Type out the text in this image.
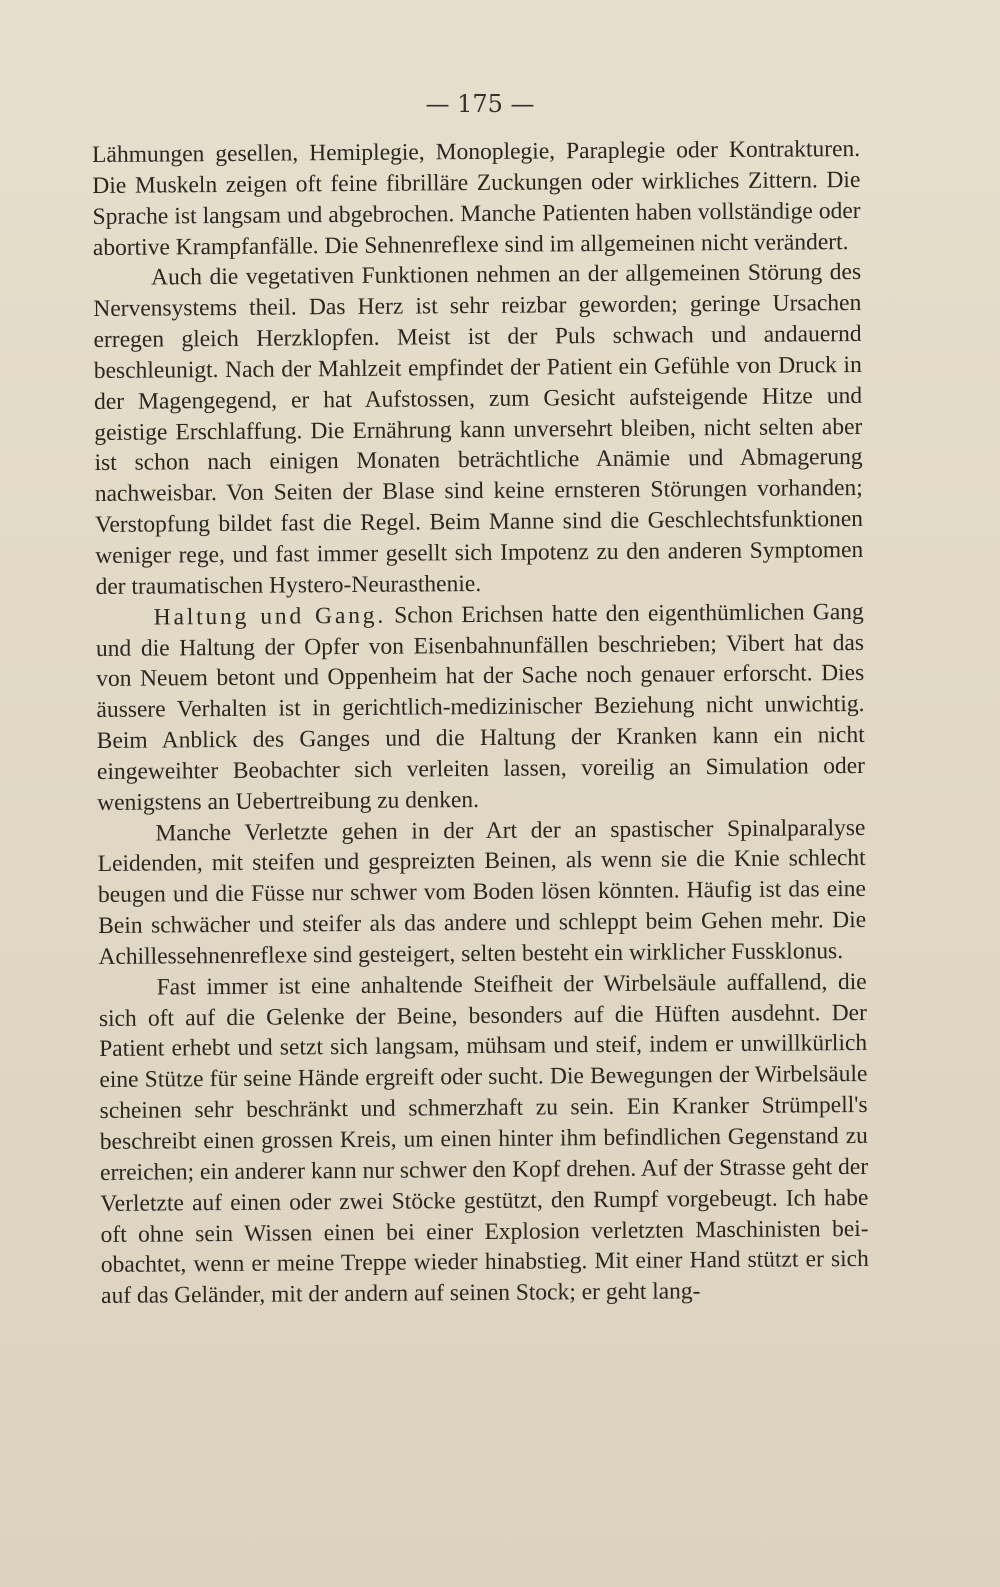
— 175 —

Lähmungen gesellen, Hemiplegie, Monoplegie, Paraplegie oder Kontrakturen. Die Muskeln zeigen oft feine fibrilläre Zuckungen oder wirkliches Zittern. Die Sprache ist langsam und abgebrochen. Manche Patienten haben vollständige oder abortive Krampfanfälle. Die Sehnenreflexe sind im allgemeinen nicht verändert.

Auch die vegetativen Funktionen nehmen an der allgemeinen Störung des Nervensystems theil. Das Herz ist sehr reizbar geworden; geringe Ursachen erregen gleich Herzklopfen. Meist ist der Puls schwach und andauernd beschleunigt. Nach der Mahlzeit empfindet der Patient ein Gefühle von Druck in der Magengegend, er hat Aufstossen, zum Gesicht aufsteigende Hitze und geistige Erschlaffung. Die Ernährung kann unversehrt bleiben, nicht selten aber ist schon nach einigen Monaten beträchtliche Anämie und Abmagerung nachweisbar. Von Seiten der Blase sind keine ernsteren Störungen vorhanden; Verstopfung bildet fast die Regel. Beim Manne sind die Geschlechtsfunktionen weniger rege, und fast immer gesellt sich Impotenz zu den anderen Symptomen der traumatischen Hystero-Neurasthenie.

Haltung und Gang. Schon Erichsen hatte den eigenthümlichen Gang und die Haltung der Opfer von Eisenbahnunfällen beschrieben; Vibert hat das von Neuem betont und Oppenheim hat der Sache noch genauer erforscht. Dies äussere Verhalten ist in gerichtlich-medizinischer Beziehung nicht unwichtig. Beim Anblick des Ganges und die Haltung der Kranken kann ein nicht eingeweihter Beobachter sich verleiten lassen, voreilig an Simulation oder wenigstens an Uebertreibung zu denken.

Manche Verletzte gehen in der Art der an spastischer Spinalparalyse Leidenden, mit steifen und gespreizten Beinen, als wenn sie die Knie schlecht beugen und die Füsse nur schwer vom Boden lösen könnten. Häufig ist das eine Bein schwächer und steifer als das andere und schleppt beim Gehen mehr. Die Achillessehnenreflexe sind gesteigert, selten besteht ein wirklicher Fussklonus.

Fast immer ist eine anhaltende Steifheit der Wirbelsäule auffallend, die sich oft auf die Gelenke der Beine, besonders auf die Hüften ausdehnt. Der Patient erhebt und setzt sich langsam, mühsam und steif, indem er unwillkürlich eine Stütze für seine Hände ergreift oder sucht. Die Bewegungen der Wirbelsäule scheinen sehr beschränkt und schmerzhaft zu sein. Ein Kranker Strümpell's beschreibt einen grossen Kreis, um einen hinter ihm befindlichen Gegenstand zu erreichen; ein anderer kann nur schwer den Kopf drehen. Auf der Strasse geht der Verletzte auf einen oder zwei Stöcke gestützt, den Rumpf vorgebeugt. Ich habe oft ohne sein Wissen einen bei einer Explosion verletzten Maschinisten beiobachtet, wenn er meine Treppe wieder hinabstieg. Mit einer Hand stützt er sich auf das Geländer, mit der andern auf seinen Stock; er geht lang-
